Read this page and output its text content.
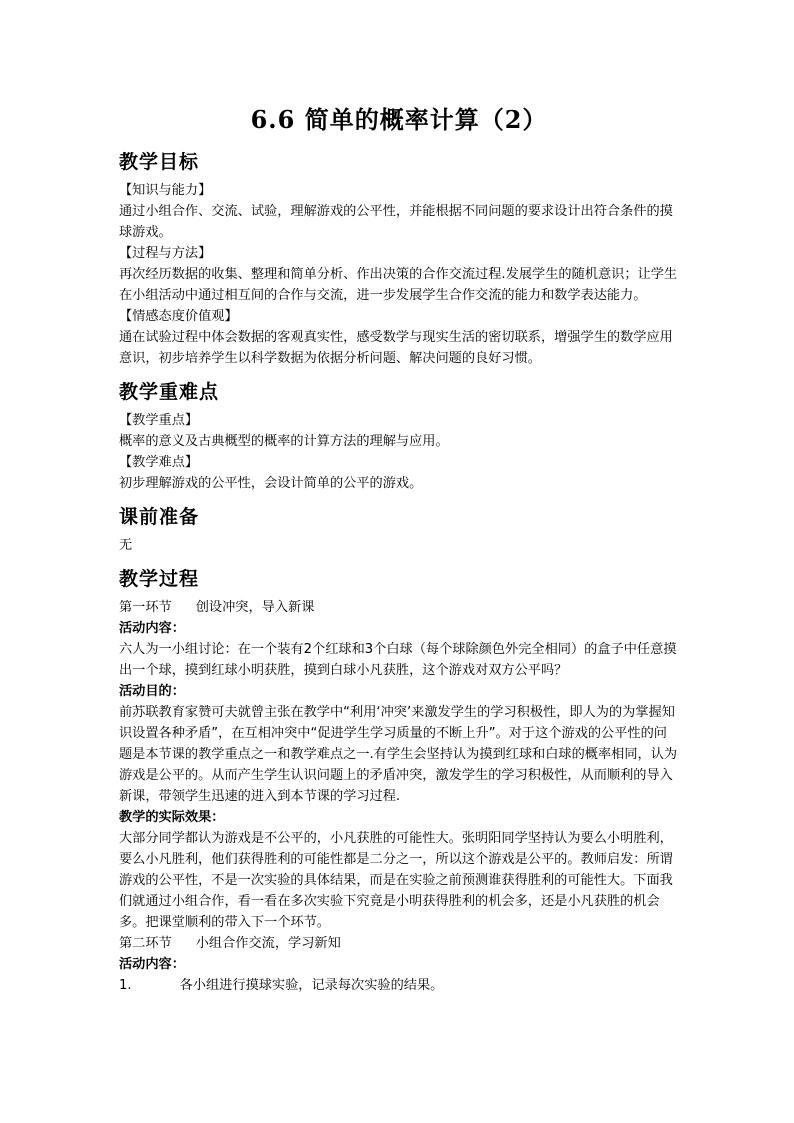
6.6 简单的概率计算（2）
教学目标

【知识与能力】

通过小组合作、交流、试验，理解游戏的公平性，并能根据不同问题的要求设计出符合条件的摸球游戏。

【过程与方法】

再次经历数据的收集、整理和简单分析、作出决策的合作交流过程.发展学生的随机意识；让学生在小组活动中通过相互间的合作与交流，进一步发展学生合作交流的能力和数学表达能力。

【情感态度价值观】

通在试验过程中体会数据的客观真实性，感受数学与现实生活的密切联系，增强学生的数学应用意识，初步培养学生以科学数据为依据分析问题、解决问题的良好习惯。

教学重难点

【教学重点】

概率的意义及古典概型的概率的计算方法的理解与应用。

【教学难点】

初步理解游戏的公平性，会设计简单的公平的游戏。

课前准备

无

教学过程

第一环节 创设冲突，导入新课

活动内容：

六人为一小组讨论：在一个装有2个红球和3个白球（每个球除颜色外完全相同）的盒子中任意摸出一个球，摸到红球小明获胜，摸到白球小凡获胜，这个游戏对双方公平吗？

活动目的：

前苏联教育家赞可夫就曾主张在教学中“利用‘冲突’来激发学生的学习积极性，即人为的为掌握知识设置各种矛盾”，在互相冲突中“促进学生学习质量的不断上升”。对于这个游戏的公平性的问题是本节课的教学重点之一和教学难点之一.有学生会坚持认为摸到红球和白球的概率相同，认为游戏是公平的。从而产生学生认识问题上的矛盾冲突，激发学生的学习积极性，从而顺利的导入新课，带领学生迅速的进入到本节课的学习过程.

教学的实际效果：

大部分同学都认为游戏是不公平的，小凡获胜的可能性大。张明阳同学坚持认为要么小明胜利，要么小凡胜利，他们获得胜利的可能性都是二分之一，所以这个游戏是公平的。教师启发：所谓游戏的公平性，不是一次实验的具体结果，而是在实验之前预测谁获得胜利的可能性大。下面我们就通过小组合作，看一看在多次实验下究竟是小明获得胜利的机会多，还是小凡获胜的机会多。把课堂顺利的带入下一个环节。

第二环节 小组合作交流，学习新知

活动内容：

1.	各小组进行摸球实验，记录每次实验的结果。
